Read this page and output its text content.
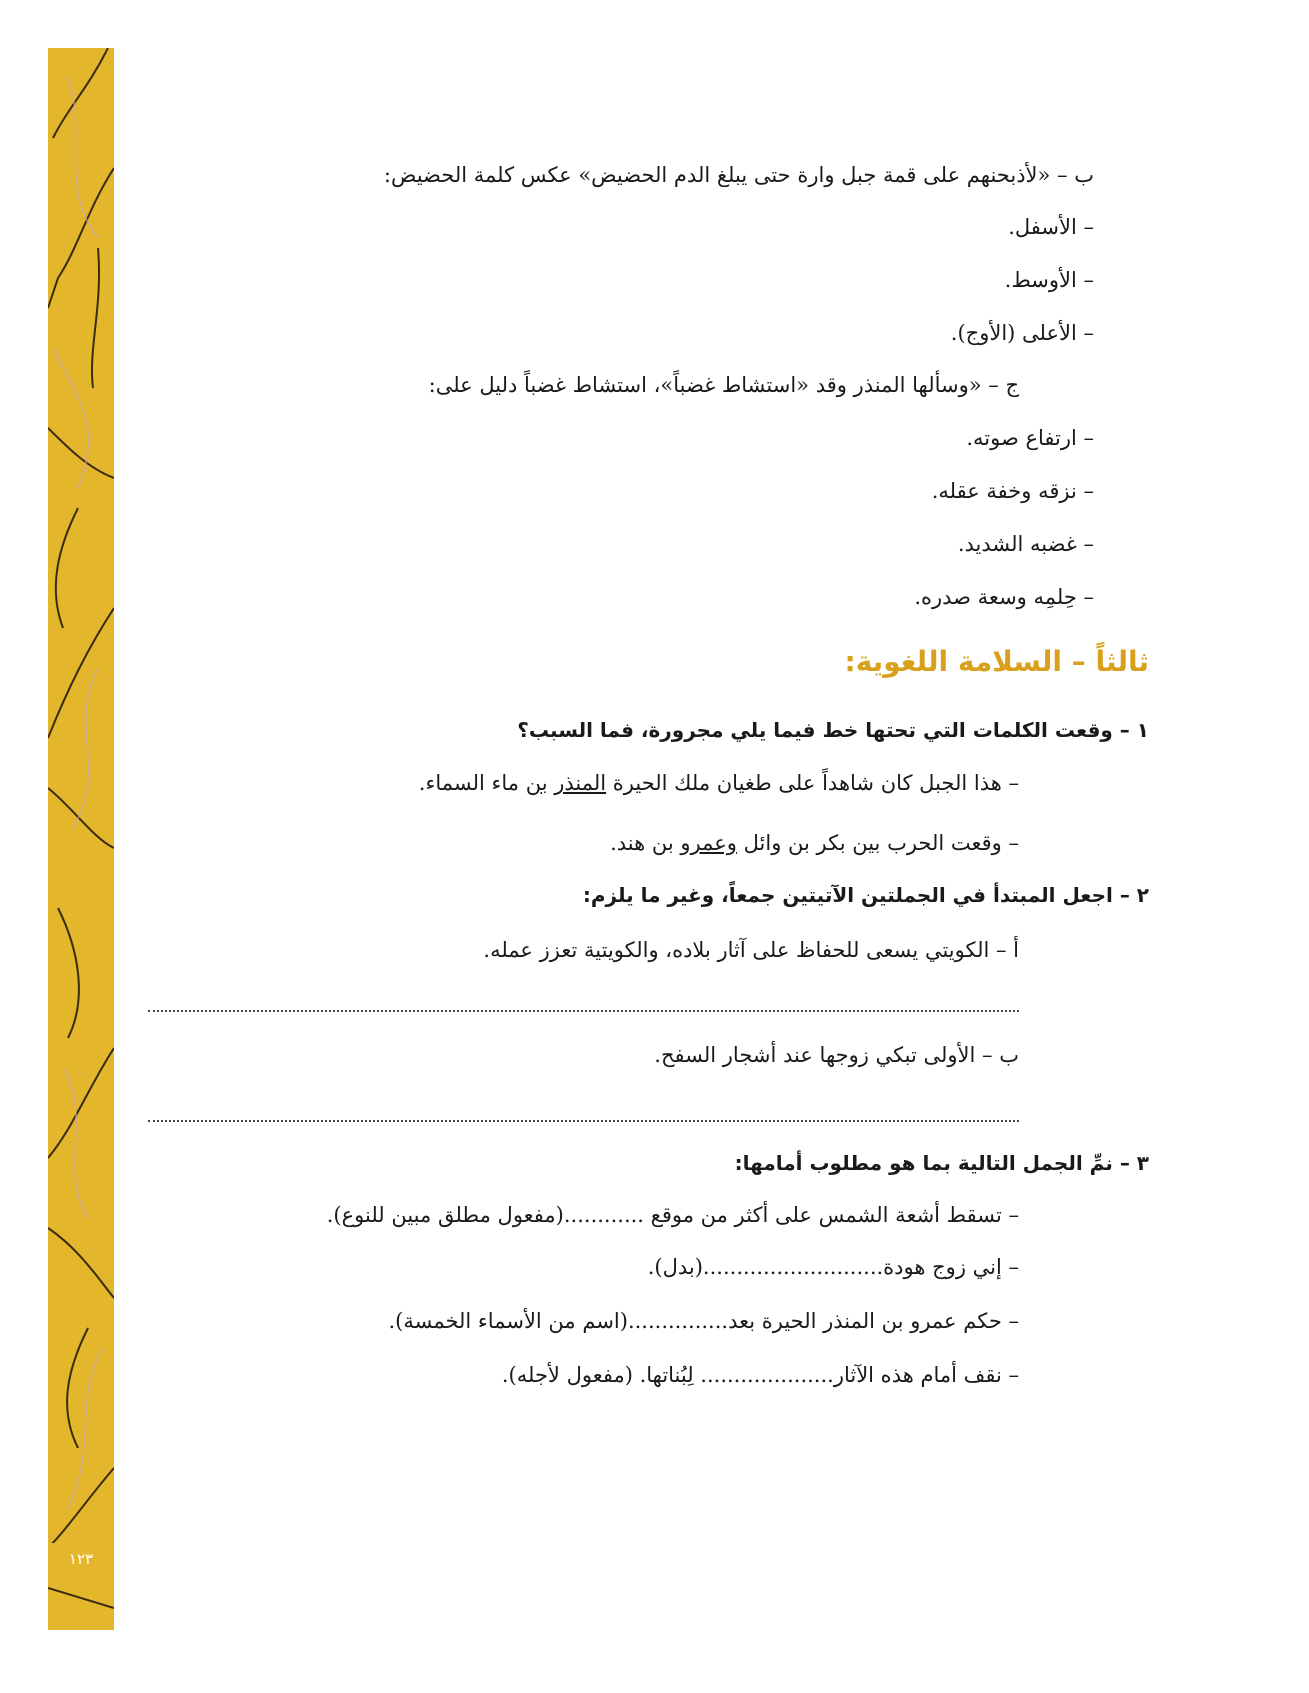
١٢٣
ب – «لأذبحنهم على قمة جبل وارة حتى يبلغ الدم الحضيض» عكس كلمة الحضيض:
– الأسفل.
– الأوسط.
– الأعلى (الأوج).
ج – «وسألها المنذر وقد «استشاط غضباً»، استشاط غضباً دليل على:
– ارتفاع صوته.
– نزقه وخفة عقله.
– غضبه الشديد.
– حِلمِه وسعة صدره.
ثالثاً – السلامة اللغوية:
١ – وقعت الكلمات التي تحتها خط فيما يلي مجرورة، فما السبب؟
– هذا الجبل كان شاهداً على طغيان ملك الحيرة المنذر بن ماء السماء.
– وقعت الحرب بين بكر بن وائل وعمرو بن هند.
٢ – اجعل المبتدأ في الجملتين الآتيتين جمعاً، وغير ما يلزم:
أ – الكويتي يسعى للحفاظ على آثار بلاده، والكويتية تعزز عمله.
ب – الأولى تبكي زوجها عند أشجار السفح.
٣ – نمِّ الجمل التالية بما هو مطلوب أمامها:
– تسقط أشعة الشمس على أكثر من موقع ............(مفعول مطلق مبين للنوع).
– إني زوج هودة...........................(بدل).
– حكم عمرو بن المنذر الحيرة بعد...............(اسم من الأسماء الخمسة).
– نقف أمام هذه الآثار.................... لِبُناتها. (مفعول لأجله).
